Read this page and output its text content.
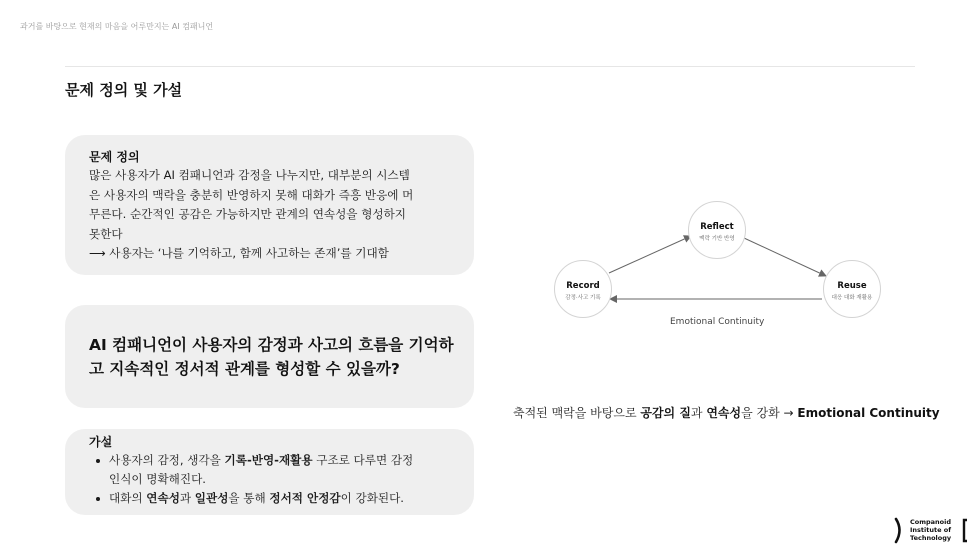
과거를 바탕으로 현재의 마음을 어루만지는 AI 컴패니언
문제 정의 및 가설
문제 정의
많은 사용자가 AI 컴패니언과 감정을 나누지만, 대부분의 시스템
은 사용자의 맥락을 충분히 반영하지 못해 대화가 즉흥 반응에 머
무른다. 순간적인 공감은 가능하지만 관계의 연속성을 형성하지
못한다
⟶ 사용자는 ‘나를 기억하고, 함께 사고하는 존재’를 기대함
AI 컴패니언이 사용자의 감정과 사고의 흐름을 기억하
고 지속적인 정서적 관계를 형성할 수 있을까?
가설
사용자의 감정, 생각을 기록-반영-재활용 구조로 다루면 감정
인식이 명확해진다.
대화의 연속성과 일관성을 통해 정서적 안정감이 강화된다.
Reflect
맥락 기반 반영
Record
감정·사고 기록
Reuse
대응 대화 재활용
Emotional Continuity
축적된 맥락을 바탕으로 공감의 질과 연속성을 강화 → Emotional Continuity
Companoid
Institute of
Technology
